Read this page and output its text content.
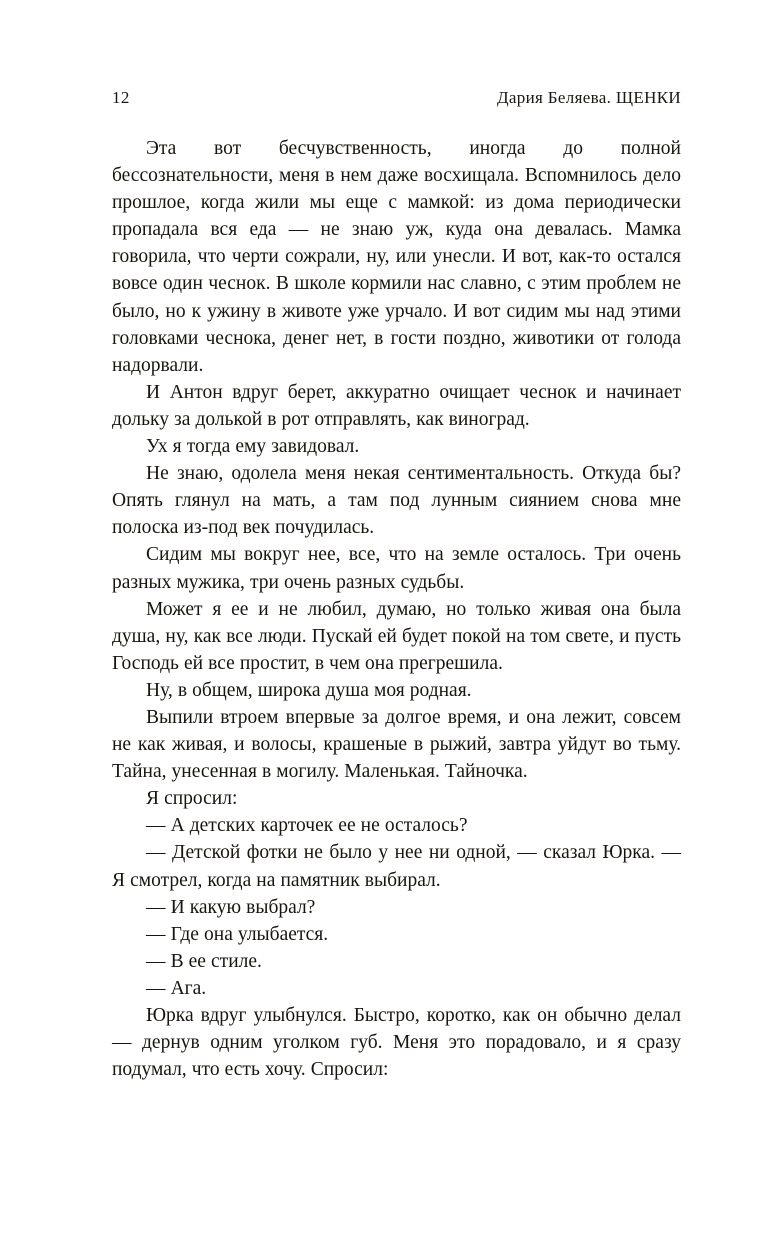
12	Дария Беляева. ЩЕНКИ

Эта вот бесчувственность, иногда до полной бессознательности, меня в нем даже восхищала. Вспомнилось дело прошлое, когда жили мы еще с мамкой: из дома периодически пропадала вся еда — не знаю уж, куда она девалась. Мамка говорила, что черти сожрали, ну, или унесли. И вот, как-то остался вовсе один чеснок. В школе кормили нас славно, с этим проблем не было, но к ужину в животе уже урчало. И вот сидим мы над этими головками чеснока, денег нет, в гости поздно, животики от голода надорвали.

И Антон вдруг берет, аккуратно очищает чеснок и начинает дольку за долькой в рот отправлять, как виноград.

Ух я тогда ему завидовал.

Не знаю, одолела меня некая сентиментальность. Откуда бы? Опять глянул на мать, а там под лунным сиянием снова мне полоска из-под век почудилась.

Сидим мы вокруг нее, все, что на земле осталось. Три очень разных мужика, три очень разных судьбы.

Может я ее и не любил, думаю, но только живая она была душа, ну, как все люди. Пускай ей будет покой на том свете, и пусть Господь ей все простит, в чем она прегрешила.

Ну, в общем, широка душа моя родная.

Выпили втроем впервые за долгое время, и она лежит, совсем не как живая, и волосы, крашеные в рыжий, завтра уйдут во тьму. Тайна, унесенная в могилу. Маленькая. Тайночка.

Я спросил:

— А детских карточек ее не осталось?

— Детской фотки не было у нее ни одной, — сказал Юрка. — Я смотрел, когда на памятник выбирал.

— И какую выбрал?

— Где она улыбается.

— В ее стиле.

— Ага.

Юрка вдруг улыбнулся. Быстро, коротко, как он обычно делал — дернув одним уголком губ. Меня это порадовало, и я сразу подумал, что есть хочу. Спросил:
